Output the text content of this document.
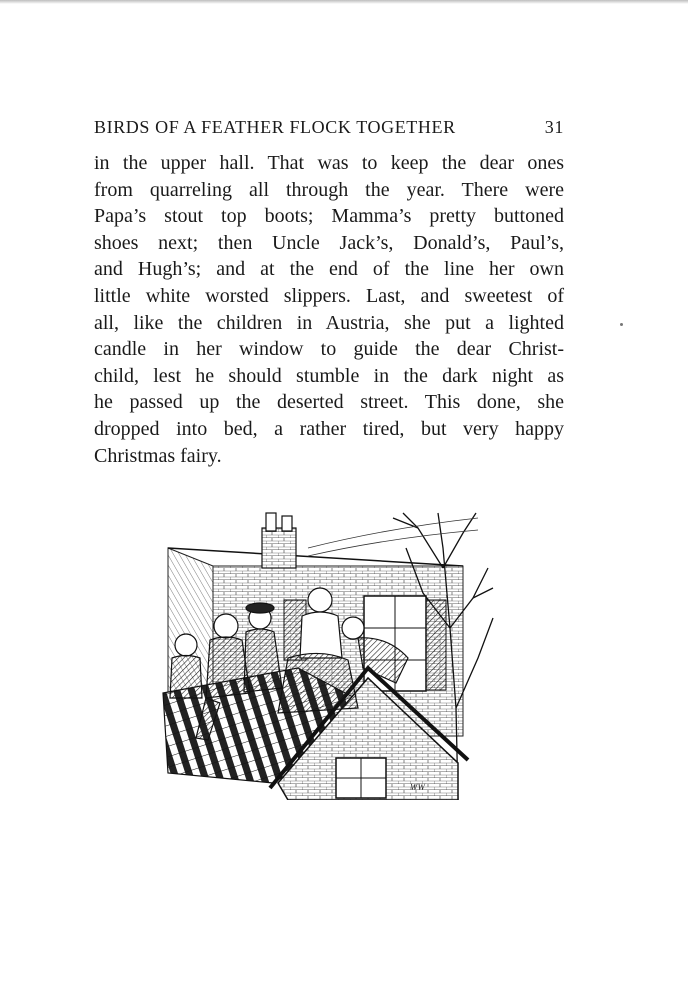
BIRDS OF A FEATHER FLOCK TOGETHER	31

in the upper hall. That was to keep the dear ones
from quarreling all through the year. There were
Papa’s stout top boots; Mamma’s pretty buttoned
shoes next; then Uncle Jack’s, Donald’s, Paul’s,
and Hugh’s; and at the end of the line her own
little white worsted slippers. Last, and sweetest of
all, like the children in Austria, she put a lighted
candle in her window to guide the dear Christ-
child, lest he should stumble in the dark night as
he passed up the deserted street. This done, she
dropped into bed, a rather tired, but very happy
Christmas fairy.

WW
